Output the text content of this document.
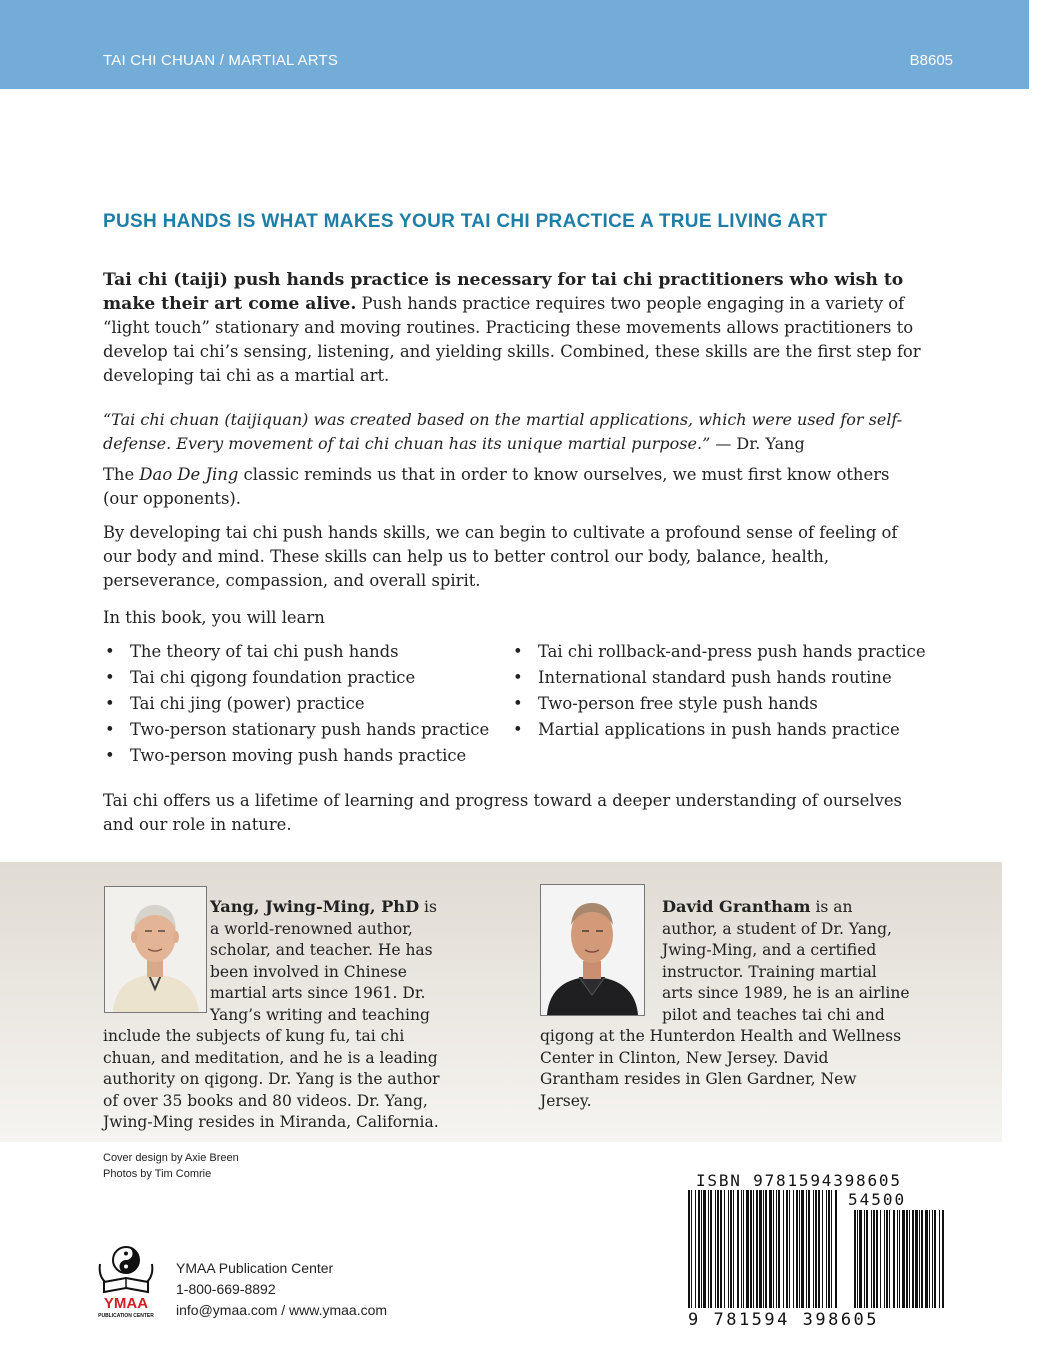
TAI CHI CHUAN / MARTIAL ARTS	B8605
PUSH HANDS IS WHAT MAKES YOUR TAI CHI PRACTICE A TRUE LIVING ART
Tai chi (taiji) push hands practice is necessary for tai chi practitioners who wish to make their art come alive. Push hands practice requires two people engaging in a variety of “light touch” stationary and moving routines. Practicing these movements allows practitioners to develop tai chi’s sensing, listening, and yielding skills. Combined, these skills are the first step for developing tai chi as a martial art.
“Tai chi chuan (taijiquan) was created based on the martial applications, which were used for self-defense. Every movement of tai chi chuan has its unique martial purpose.” — Dr. Yang
The Dao De Jing classic reminds us that in order to know ourselves, we must first know others (our opponents).
By developing tai chi push hands skills, we can begin to cultivate a profound sense of feeling of our body and mind. These skills can help us to better control our body, balance, health, perseverance, compassion, and overall spirit.
In this book, you will learn
• The theory of tai chi push hands
• Tai chi qigong foundation practice
• Tai chi jing (power) practice
• Two-person stationary push hands practice
• Two-person moving push hands practice
• Tai chi rollback-and-press push hands practice
• International standard push hands routine
• Two-person free style push hands
• Martial applications in push hands practice
Tai chi offers us a lifetime of learning and progress toward a deeper understanding of ourselves and our role in nature.
Yang, Jwing-Ming, PhD is a world-renowned author, scholar, and teacher. He has been involved in Chinese martial arts since 1961. Dr. Yang’s writing and teaching include the subjects of kung fu, tai chi chuan, and meditation, and he is a leading authority on qigong. Dr. Yang is the author of over 35 books and 80 videos. Dr. Yang, Jwing-Ming resides in Miranda, California.
David Grantham is an author, a student of Dr. Yang, Jwing-Ming, and a certified instructor. Training martial arts since 1989, he is an airline pilot and teaches tai chi and qigong at the Hunterdon Health and Wellness Center in Clinton, New Jersey. David Grantham resides in Glen Gardner, New Jersey.
Cover design by Axie Breen
Photos by Tim Comrie
YMAA
PUBLICATION CENTER
YMAA Publication Center
1-800-669-8892
info@ymaa.com / www.ymaa.com
ISBN 9781594398605
54500
9 781594 398605
